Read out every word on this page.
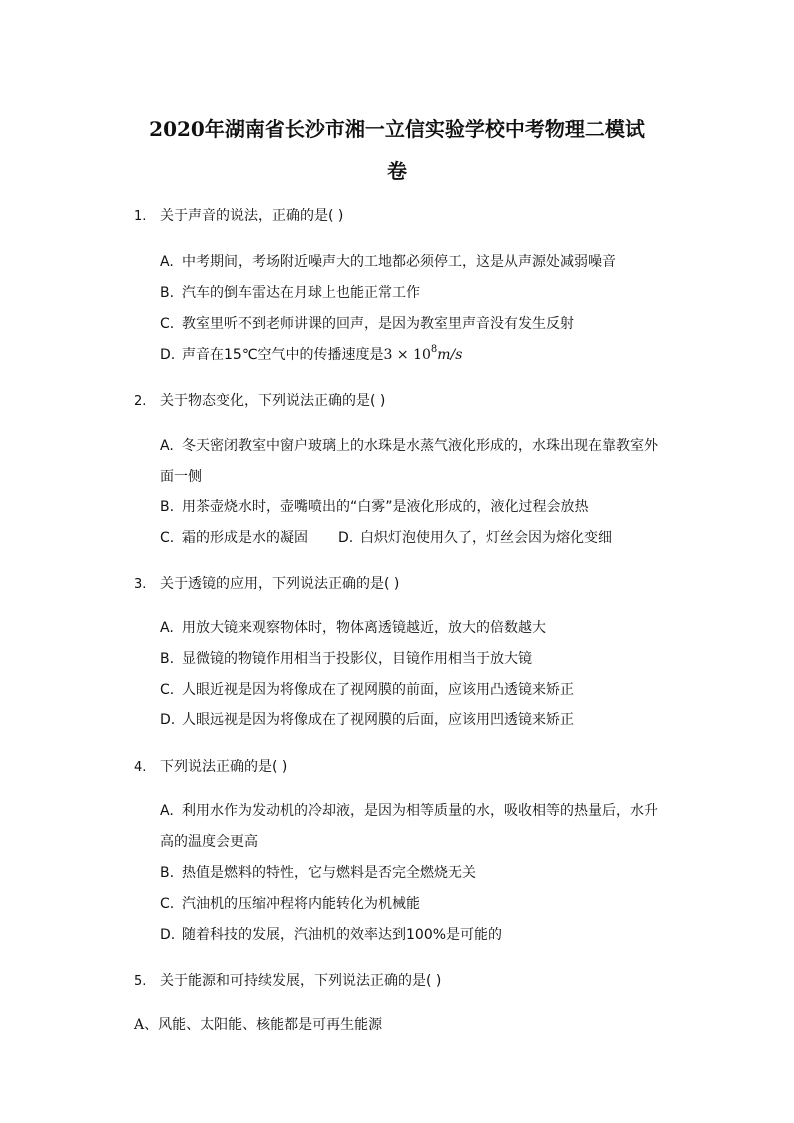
2020年湖南省长沙市湘一立信实验学校中考物理二模试
卷
1. 关于声音的说法，正确的是( )
A. 中考期间，考场附近噪声大的工地都必须停工，这是从声源处减弱噪音
B. 汽车的倒车雷达在月球上也能正常工作
C. 教室里听不到老师讲课的回声，是因为教室里声音没有发生反射
D. 声音在15℃空气中的传播速度是$3 \times 10^8m/s$
2. 关于物态变化，下列说法正确的是( )
A. 冬天密闭教室中窗户玻璃上的水珠是水蒸气液化形成的，水珠出现在靠教室外
面一侧
B. 用茶壶烧水时，壶嘴喷出的“白雾”是液化形成的，液化过程会放热
C. 霜的形成是水的凝固 D. 白炽灯泡使用久了，灯丝会因为熔化变细
3. 关于透镜的应用，下列说法正确的是( )
A. 用放大镜来观察物体时，物体离透镜越近，放大的倍数越大
B. 显微镜的物镜作用相当于投影仪，目镜作用相当于放大镜
C. 人眼近视是因为将像成在了视网膜的前面，应该用凸透镜来矫正
D. 人眼远视是因为将像成在了视网膜的后面，应该用凹透镜来矫正
4. 下列说法正确的是( )
A. 利用水作为发动机的冷却液，是因为相等质量的水，吸收相等的热量后，水升
高的温度会更高
B. 热值是燃料的特性，它与燃料是否完全燃烧无关
C. 汽油机的压缩冲程将内能转化为机械能
D. 随着科技的发展，汽油机的效率达到100%是可能的
5. 关于能源和可持续发展，下列说法正确的是( )
A、风能、太阳能、核能都是可再生能源
